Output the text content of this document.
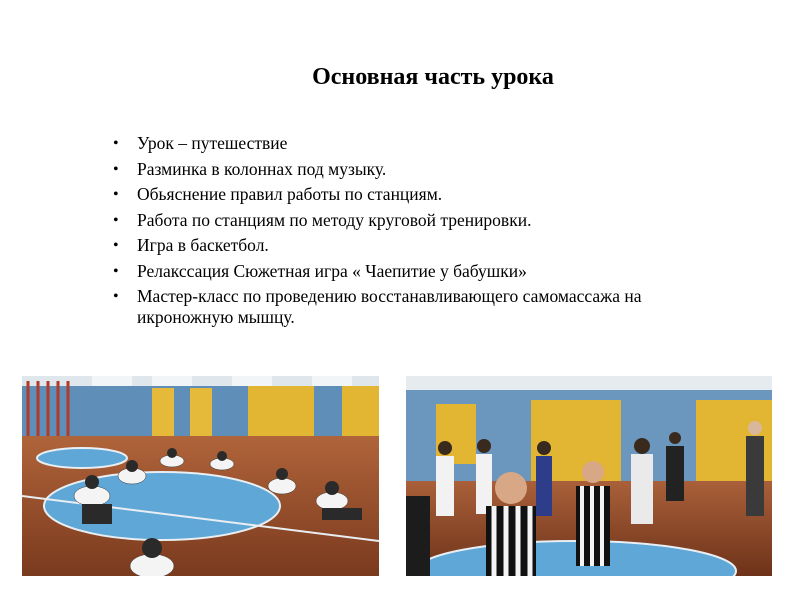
Основная часть урока
• Урок – путешествие
• Разминка в колоннах под музыку.
• Обьяснение правил работы по станциям.
• Работа по станциям по методу круговой тренировки.
• Игра в баскетбол.
• Релакссация Сюжетная игра « Чаепитие у бабушки»
• Мастер-класс по проведению восстанавливающего самомассажа на икроножную мышцу.
